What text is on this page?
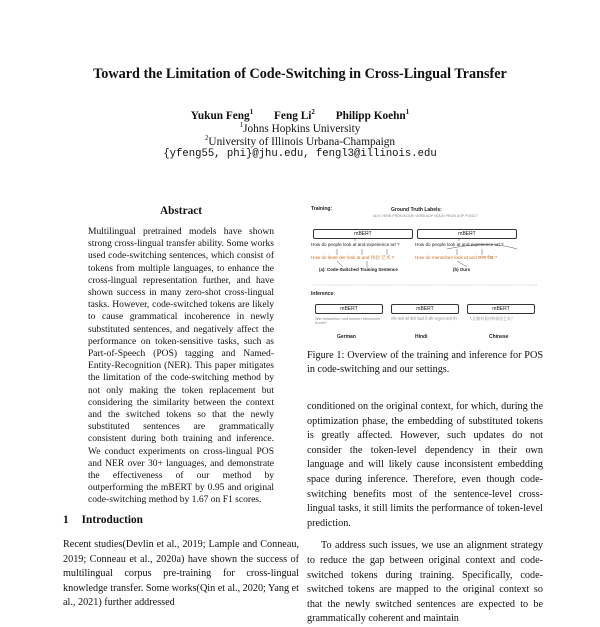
Toward the Limitation of Code-Switching in Cross-Lingual Transfer
Yukun Feng$^1$ Feng Li$^2$ Philipp Koehn$^1$
$^1$Johns Hopkins University
$^2$University of Illinois Urbana-Champaign
{yfeng55, phi}@jhu.edu, fengl3@illinois.edu
Abstract
Multilingual pretrained models have shown strong cross-lingual transfer ability. Some works used code-switching sentences, which consist of tokens from multiple languages, to enhance the cross-lingual representation further, and have shown success in many zero-shot cross-lingual tasks. However, code-switched tokens are likely to cause grammatical incoherence in newly substituted sentences, and negatively affect the performance on token-sensitive tasks, such as Part-of-Speech (POS) tagging and Named-Entity-Recognition (NER). This paper mitigates the limitation of the code-switching method by not only making the token replacement but considering the similarity between the context and the switched tokens so that the newly substituted sentences are grammatically consistent during both training and inference. We conduct experiments on cross-lingual POS and NER over 30+ languages, and demonstrate the effectiveness of our method by outperforming the mBERT by 0.95 and original code-switching method by 1.67 on F1 scores.
1 Introduction
Recent studies(Devlin et al., 2019; Lample and Conneau, 2019; Conneau et al., 2020a) have shown the success of multilingual corpus pre-training for cross-lingual knowledge transfer. Some works(Qin et al., 2020; Yang et al., 2021) further addressed
Training:	Ground Truth Labels:
ADV VERB PRON NOUN VERB ADP NOUN PRON ADP PUNCT
mBERT	mBERT
How do people look at and experience art ?	How do people look at and experience art ?
How do leute der look at and 体验 艺术 ?	How do menschen look at and कला देख ?
(a): Code-Switched Training Sentence	(b) Ours
Inference:
mBERT	mBERT	mBERT
Wie betrachten und erleben Menschen Kunst?
लोग कला को कैसे देखते हैं और अनुभव करते हैं?	人们如何看待和体验艺术？
German	Hindi	Chinese
Figure 1: Overview of the training and inference for POS in code-switching and our settings.

conditioned on the original context, for which, during the optimization phase, the embedding of substituted tokens is greatly affected. However, such updates do not consider the token-level dependency in their own language and will likely cause inconsistent embedding space during inference. Therefore, even though code-switching benefits most of the sentence-level cross-lingual tasks, it still limits the performance of token-level prediction.

To address such issues, we use an alignment strategy to reduce the gap between original context and code-switched tokens during training. Specifically, code-switched tokens are mapped to the original context so that the newly switched sentences are expected to be grammatically coherent and maintain
